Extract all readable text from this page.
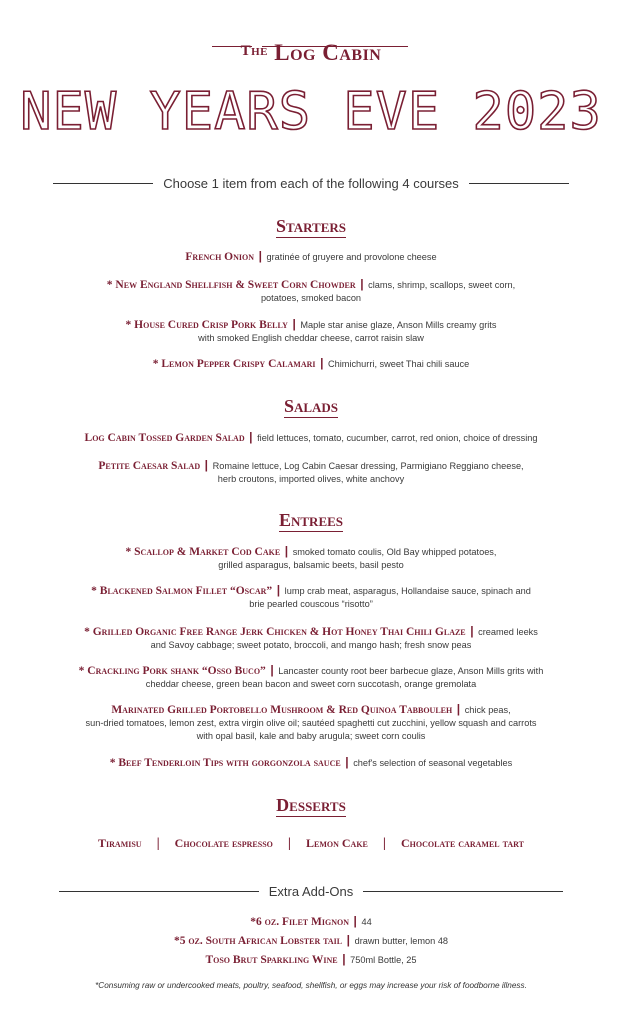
$^{The}$ Log Cabin
NEW YEARS EVE 2023
Choose 1 item from each of the following 4 courses
Starters
French Onion | gratinée of gruyere and provolone cheese
* New England Shellfish & Sweet Corn Chowder | clams, shrimp, scallops, sweet corn,
potatoes, smoked bacon
* House Cured Crisp Pork Belly | Maple star anise glaze, Anson Mills creamy grits
with smoked English cheddar cheese, carrot raisin slaw
* Lemon Pepper Crispy Calamari | Chimichurri, sweet Thai chili sauce
Salads
Log Cabin Tossed Garden Salad | field lettuces, tomato, cucumber, carrot, red onion, choice of dressing
Petite Caesar Salad | Romaine lettuce, Log Cabin Caesar dressing, Parmigiano Reggiano cheese,
herb croutons, imported olives, white anchovy
Entrees
* Scallop & Market Cod Cake | smoked tomato coulis, Old Bay whipped potatoes,
grilled asparagus, balsamic beets, basil pesto
* Blackened Salmon Fillet “Oscar” | lump crab meat, asparagus, Hollandaise sauce, spinach and
brie pearled couscous “risotto”
* Grilled Organic Free Range Jerk Chicken & Hot Honey Thai Chili Glaze | creamed leeks
and Savoy cabbage; sweet potato, broccoli, and mango hash; fresh snow peas
* Crackling Pork shank “Osso Buco” | Lancaster county root beer barbecue glaze, Anson Mills grits with
cheddar cheese, green bean bacon and sweet corn succotash, orange gremolata
Marinated Grilled Portobello Mushroom & Red Quinoa Tabbouleh | chick peas,
sun-dried tomatoes, lemon zest, extra virgin olive oil; sautéed spaghetti cut zucchini, yellow squash and carrots
with opal basil, kale and baby arugula; sweet corn coulis
* Beef Tenderloin Tips with gorgonzola sauce | chef's selection of seasonal vegetables
Desserts
Tiramisu | Chocolate espresso | Lemon Cake | Chocolate caramel tart
Extra Add-Ons
*6 oz. Filet Mignon | 44
*5 oz. South African Lobster tail | drawn butter, lemon 48
Toso Brut Sparkling Wine | 750ml Bottle, 25
*Consuming raw or undercooked meats, poultry, seafood, shellfish, or eggs may increase your risk of foodborne illness.
